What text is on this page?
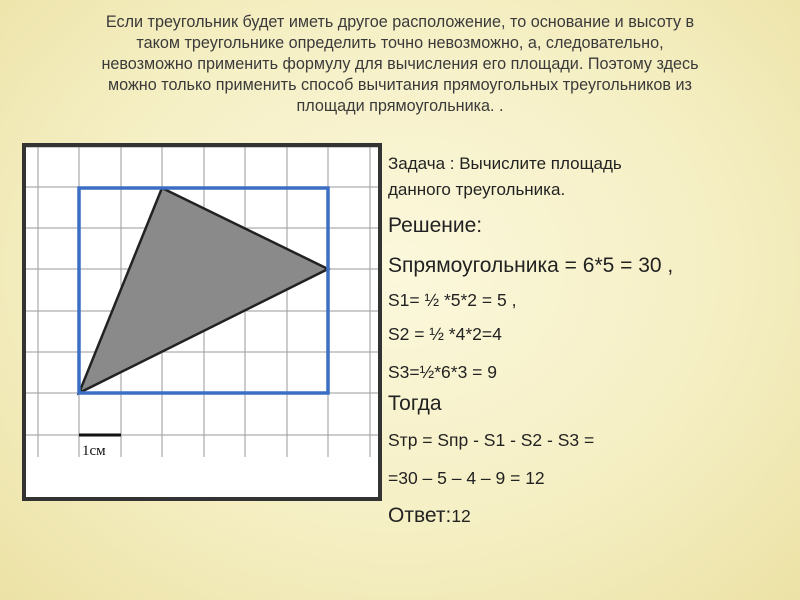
Если треугольник будет иметь другое расположение, то основание и высоту в
таком треугольнике определить точно невозможно, а, следовательно,
невозможно применить формулу для вычисления его площади. Поэтому здесь
можно только применить способ вычитания прямоугольных треугольников из
площади прямоугольника. .
1см
Задача : Вычислите площадь
данного треугольника.
Решение:
Sпрямоугольника = 6*5 = 30 ,
S1= ½ *5*2 = 5 ,
S2 = ½ *4*2=4
S3=½*6*3 = 9
Тогда
Sтр = Sпр - S1 - S2 - S3 =
=30 – 5 – 4 – 9 = 12
Ответ:12
